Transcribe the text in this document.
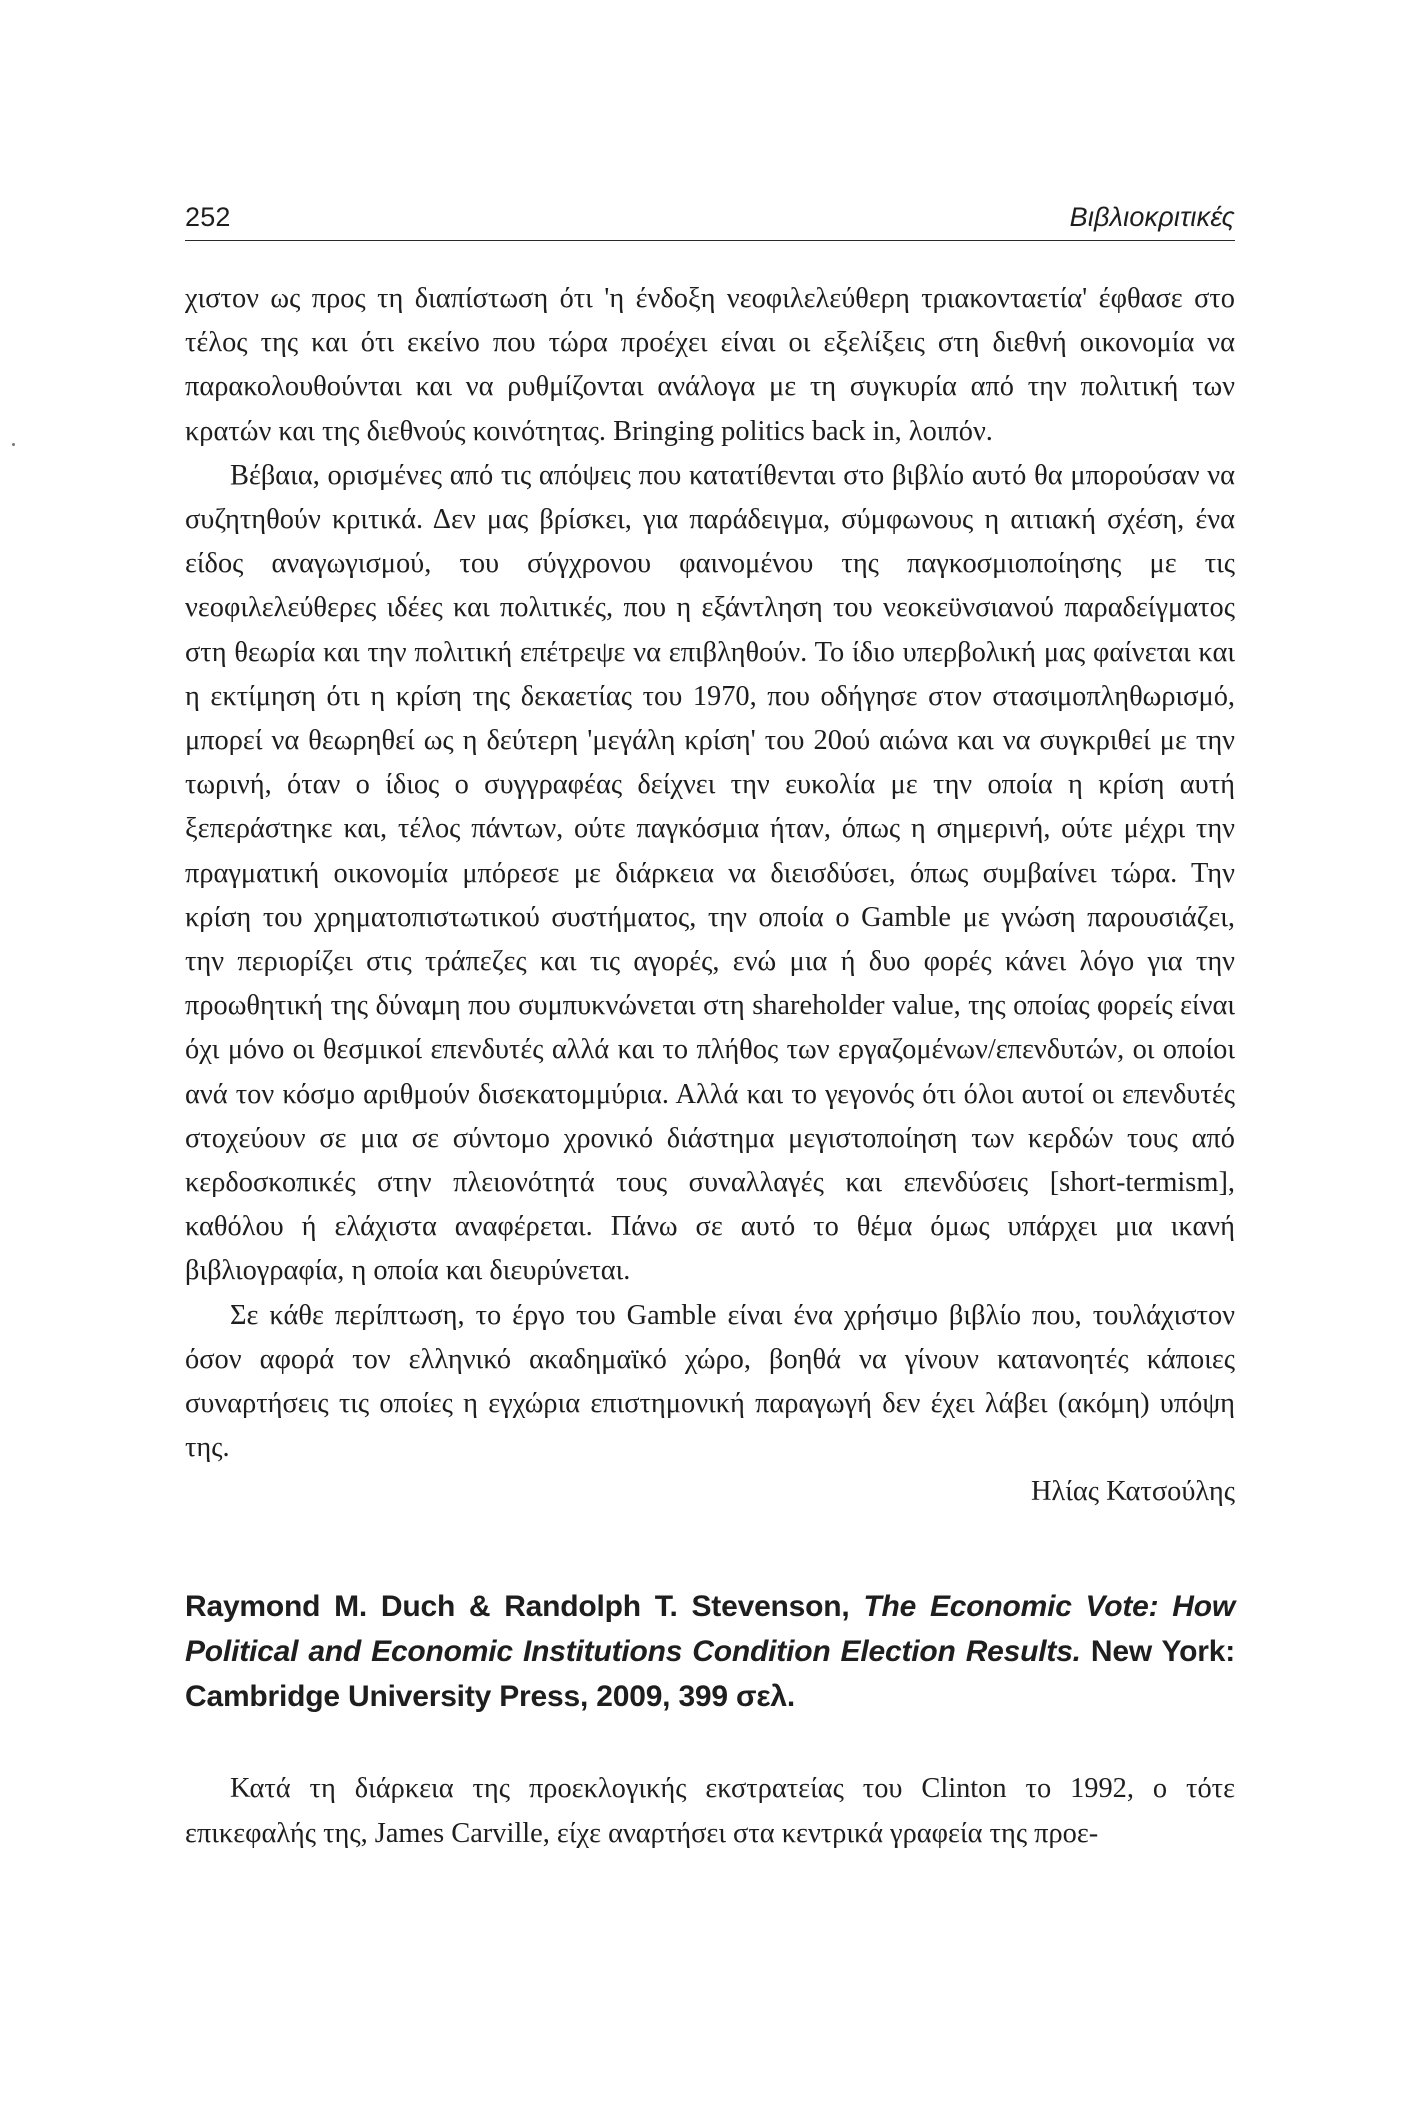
252	Βιβλιοκριτικές

χιστον ως προς τη διαπίστωση ότι 'η ένδοξη νεοφιλελεύθερη τριακονταετία' έφθασε στο τέλος της και ότι εκείνο που τώρα προέχει είναι οι εξελίξεις στη διεθνή οικονομία να παρακολουθούνται και να ρυθμίζονται ανάλογα με τη συγκυρία από την πολιτική των κρατών και της διεθνούς κοινότητας. Bringing politics back in, λοιπόν.

Βέβαια, ορισμένες από τις απόψεις που κατατίθενται στο βιβλίο αυτό θα μπορούσαν να συζητηθούν κριτικά. Δεν μας βρίσκει, για παράδειγμα, σύμφωνους η αιτιακή σχέση, ένα είδος αναγωγισμού, του σύγχρονου φαινομένου της παγκοσμιοποίησης με τις νεοφιλελεύθερες ιδέες και πολιτικές, που η εξάντληση του νεοκεϋνσιανού παραδείγματος στη θεωρία και την πολιτική επέτρεψε να επιβληθούν. Το ίδιο υπερβολική μας φαίνεται και η εκτίμηση ότι η κρίση της δεκαετίας του 1970, που οδήγησε στον στασιμοπληθωρισμό, μπορεί να θεωρηθεί ως η δεύτερη 'μεγάλη κρίση' του 20ού αιώνα και να συγκριθεί με την τωρινή, όταν ο ίδιος ο συγγραφέας δείχνει την ευκολία με την οποία η κρίση αυτή ξεπεράστηκε και, τέλος πάντων, ούτε παγκόσμια ήταν, όπως η σημερινή, ούτε μέχρι την πραγματική οικονομία μπόρεσε με διάρκεια να διεισδύσει, όπως συμβαίνει τώρα. Την κρίση του χρηματοπιστωτικού συστήματος, την οποία ο Gamble με γνώση παρουσιάζει, την περιορίζει στις τράπεζες και τις αγορές, ενώ μια ή δυο φορές κάνει λόγο για την προωθητική της δύναμη που συμπυκνώνεται στη shareholder value, της οποίας φορείς είναι όχι μόνο οι θεσμικοί επενδυτές αλλά και το πλήθος των εργαζομένων/επενδυτών, οι οποίοι ανά τον κόσμο αριθμούν δισεκατομμύρια. Αλλά και το γεγονός ότι όλοι αυτοί οι επενδυτές στοχεύουν σε μια σε σύντομο χρονικό διάστημα μεγιστοποίηση των κερδών τους από κερδοσκοπικές στην πλειονότητά τους συναλλαγές και επενδύσεις [short-termism], καθόλου ή ελάχιστα αναφέρεται. Πάνω σε αυτό το θέμα όμως υπάρχει μια ικανή βιβλιογραφία, η οποία και διευρύνεται.

Σε κάθε περίπτωση, το έργο του Gamble είναι ένα χρήσιμο βιβλίο που, τουλάχιστον όσον αφορά τον ελληνικό ακαδημαϊκό χώρο, βοηθά να γίνουν κατανοητές κάποιες συναρτήσεις τις οποίες η εγχώρια επιστημονική παραγωγή δεν έχει λάβει (ακόμη) υπόψη της.

Ηλίας Κατσούλης
Raymond M. Duch & Randolph T. Stevenson, The Economic Vote: How Political and Economic Institutions Condition Election Results. New York: Cambridge University Press, 2009, 399 σελ.

Κατά τη διάρκεια της προεκλογικής εκστρατείας του Clinton το 1992, ο τότε επικεφαλής της, James Carville, είχε αναρτήσει στα κεντρικά γραφεία της προε-
